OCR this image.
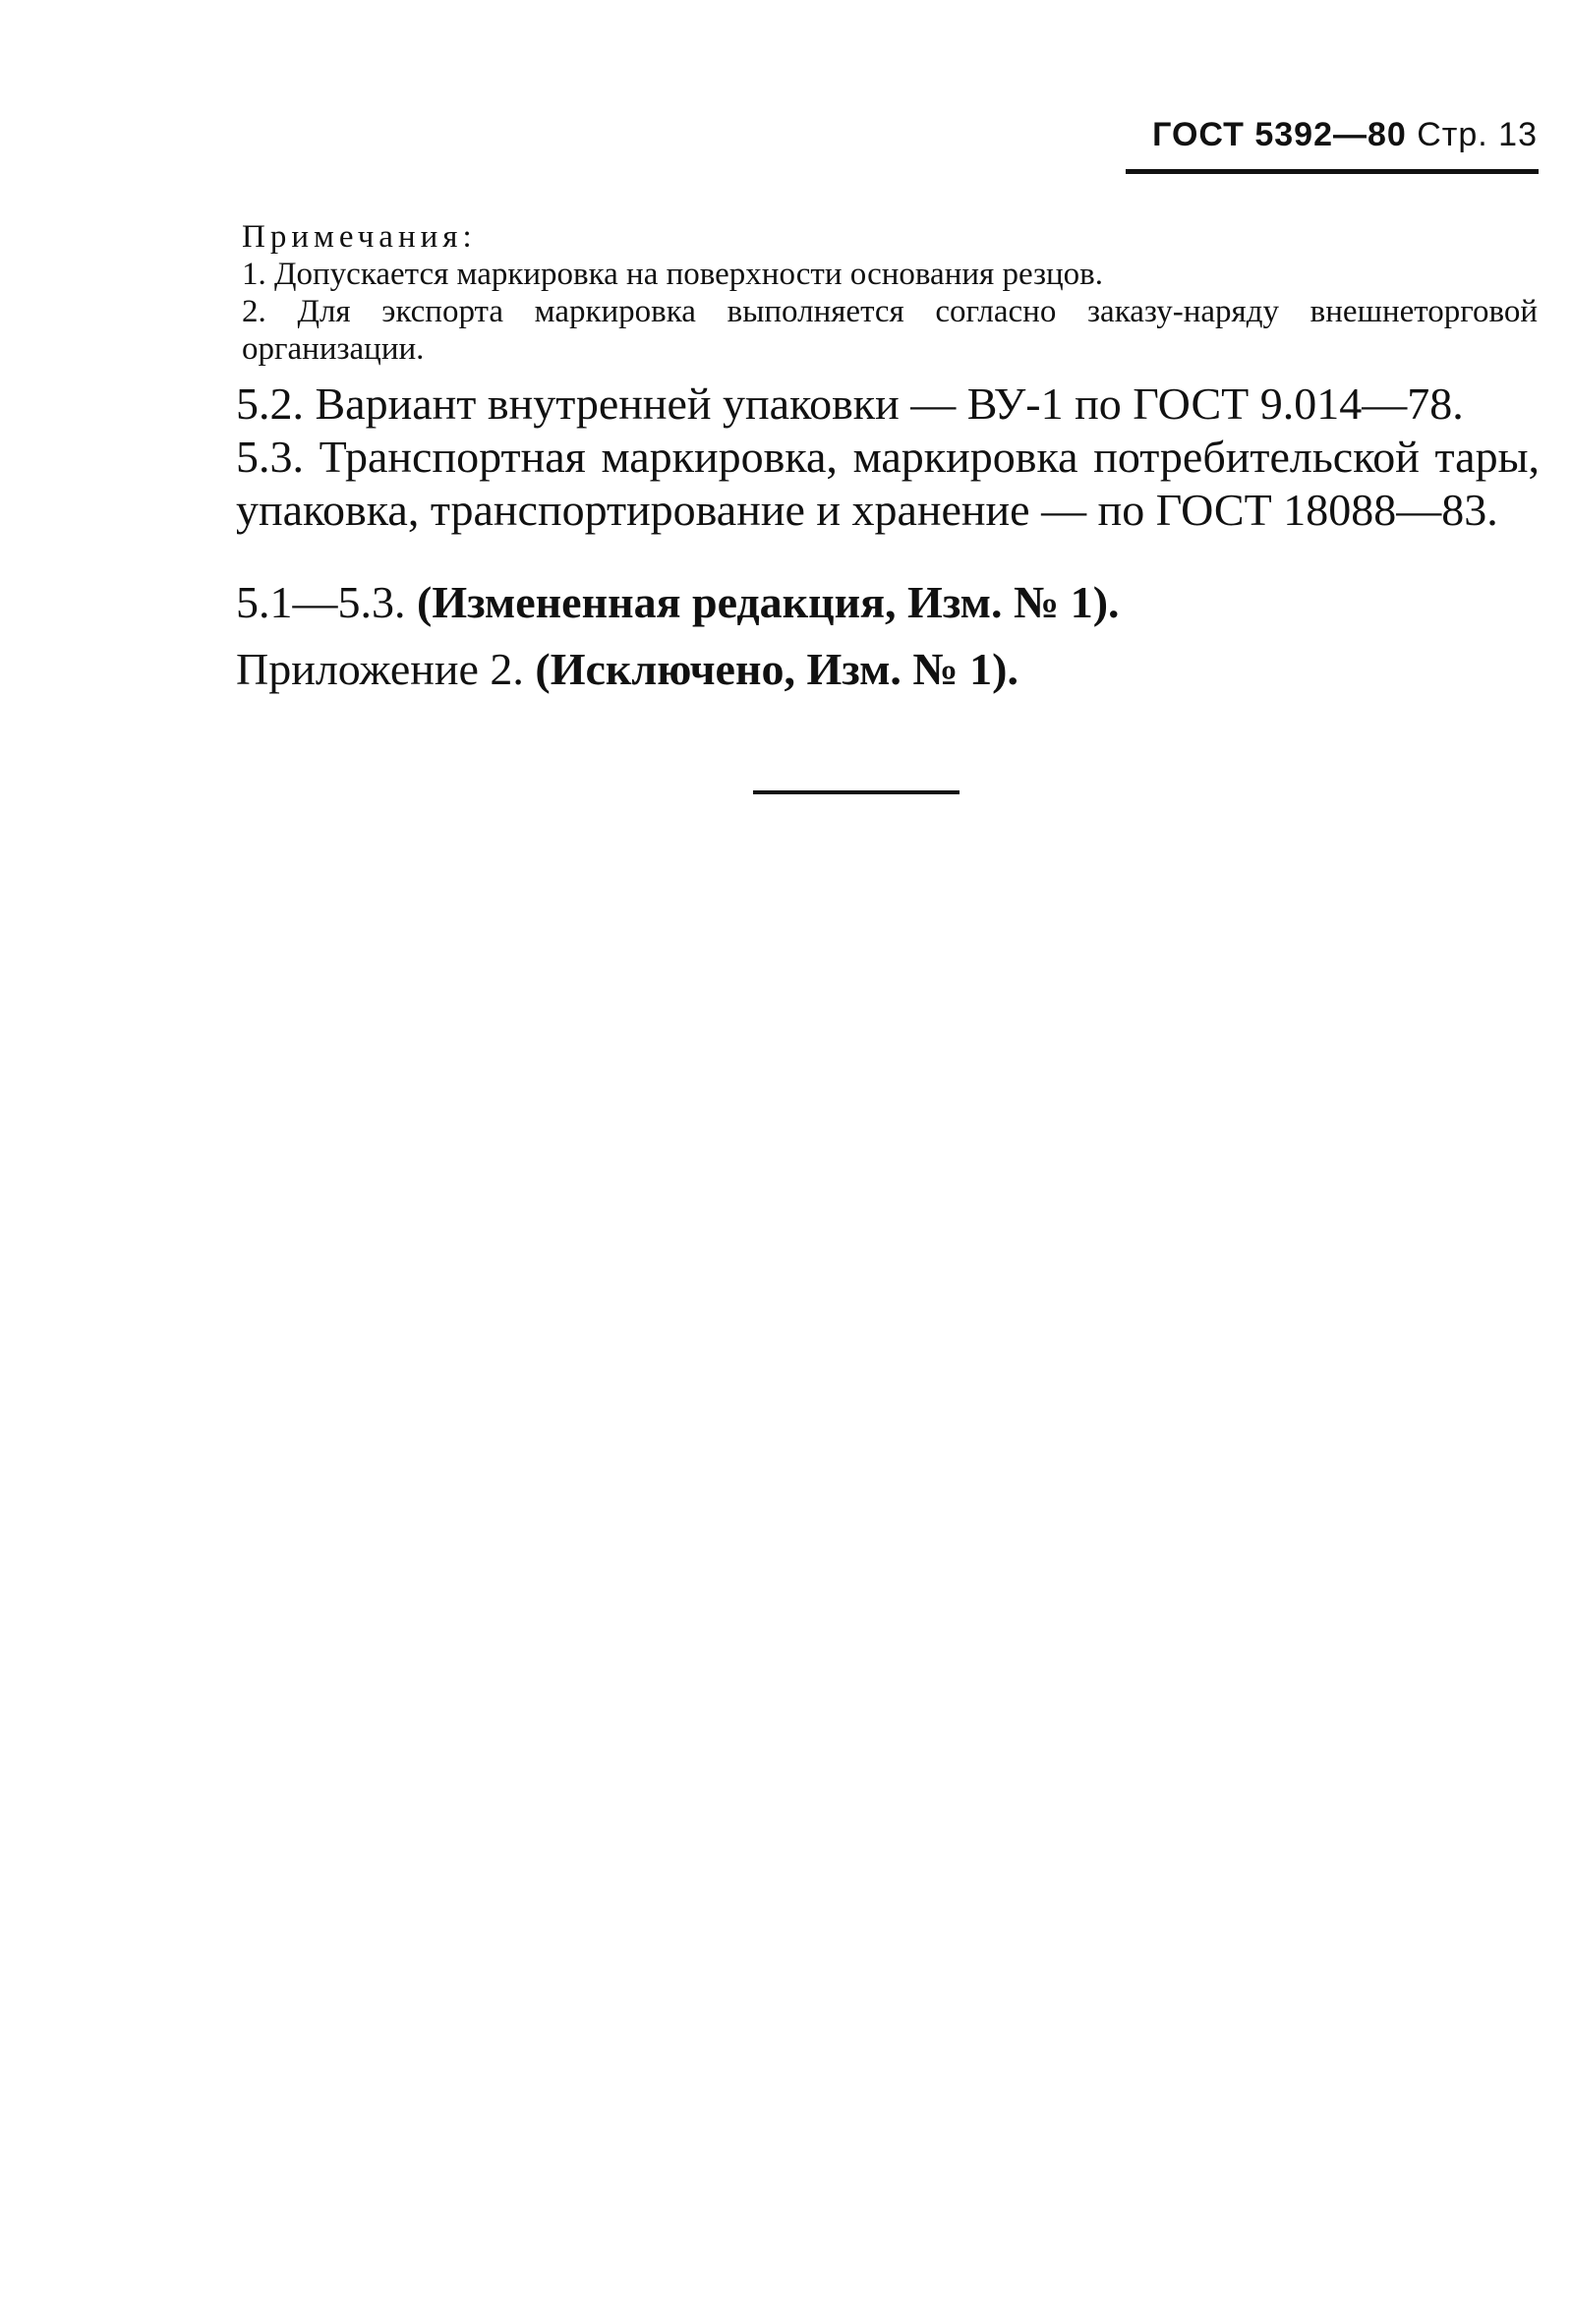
ГОСТ 5392—80 Стр. 13
Примечания:
1. Допускается маркировка на поверхности основания резцов.
2. Для экспорта маркировка выполняется согласно заказу-наряду внешнеторговой организации.
5.2. Вариант внутренней упаковки — ВУ-1 по ГОСТ 9.014—78.
5.3. Транспортная маркировка, маркировка потребительской тары, упаковка, транспортирование и хранение — по ГОСТ 18088—83.
5.1—5.3. (Измененная редакция, Изм. № 1).
Приложение 2. (Исключено, Изм. № 1).
